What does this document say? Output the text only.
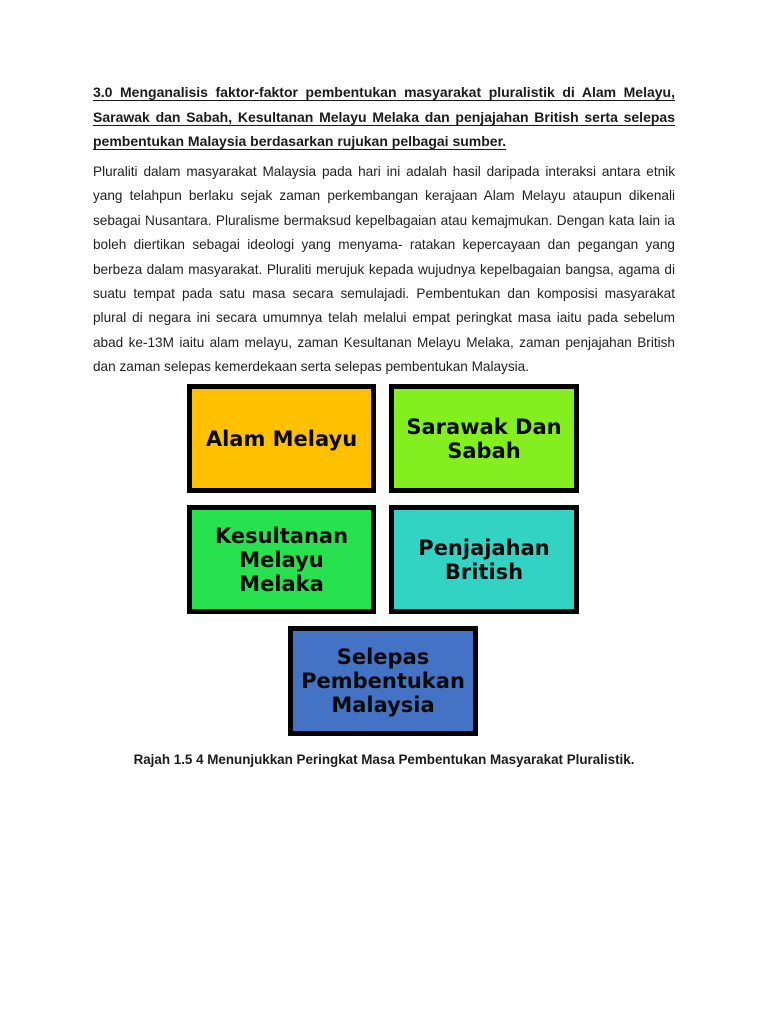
3.0 Menganalisis faktor-faktor pembentukan masyarakat pluralistik di Alam Melayu, Sarawak dan Sabah, Kesultanan Melayu Melaka dan penjajahan British serta selepas pembentukan Malaysia berdasarkan rujukan pelbagai sumber.

Pluraliti dalam masyarakat Malaysia pada hari ini adalah hasil daripada interaksi antara etnik yang telahpun berlaku sejak zaman perkembangan kerajaan Alam Melayu ataupun dikenali sebagai Nusantara. Pluralisme bermaksud kepelbagaian atau kemajmukan. Dengan kata lain ia boleh diertikan sebagai ideologi yang menyama- ratakan kepercayaan dan pegangan yang berbeza dalam masyarakat. Pluraliti merujuk kepada wujudnya kepelbagaian bangsa, agama di suatu tempat pada satu masa secara semulajadi. Pembentukan dan komposisi masyarakat plural di negara ini secara umumnya telah melalui empat peringkat masa iaitu pada sebelum abad ke-13M iaitu alam melayu, zaman Kesultanan Melayu Melaka, zaman penjajahan British dan zaman selepas kemerdekaan serta selepas pembentukan Malaysia.

Alam Melayu Sarawak Dan Sabah
Kesultanan Melayu Melaka
Penjajahan British
Selepas Pembentukan Malaysia

Rajah 1.5 4 Menunjukkan Peringkat Masa Pembentukan Masyarakat Pluralistik.
